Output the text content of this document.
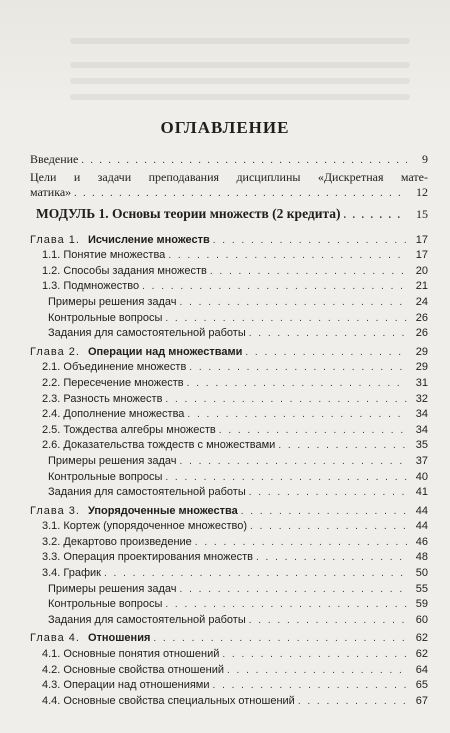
ОГЛАВЛЕНИЕ
Введение . . .	9
Цели и задачи преподавания дисциплины «Дискретная мате-
матика» . . .	12
МОДУЛЬ 1. Основы теории множеств (2 кредита) . . .	15
Глава 1. Исчисление множеств . . .	17
1.1. Понятие множества . . .	17
1.2. Способы задания множеств . . .	20
1.3. Подмножество . . .	21
Примеры решения задач . . .	24
Контрольные вопросы . . .	26
Задания для самостоятельной работы . . .	26
Глава 2. Операции над множествами . . .	29
2.1. Объединение множеств . . .	29
2.2. Пересечение множеств . . .	31
2.3. Разность множеств . . .	32
2.4. Дополнение множества . . .	34
2.5. Тождества алгебры множеств . . .	34
2.6. Доказательства тождеств с множествами . . .	35
Примеры решения задач . . .	37
Контрольные вопросы . . .	40
Задания для самостоятельной работы . . .	41
Глава 3. Упорядоченные множества . . .	44
3.1. Кортеж (упорядоченное множество) . . .	44
3.2. Декартово произведение . . .	46
3.3. Операция проектирования множеств . . .	48
3.4. График . . .	50
Примеры решения задач . . .	55
Контрольные вопросы . . .	59
Задания для самостоятельной работы . . .	60
Глава 4. Отношения . . .	62
4.1. Основные понятия отношений . . .	62
4.2. Основные свойства отношений . . .	64
4.3. Операции над отношениями . . .	65
4.4. Основные свойства специальных отношений . . .	67
